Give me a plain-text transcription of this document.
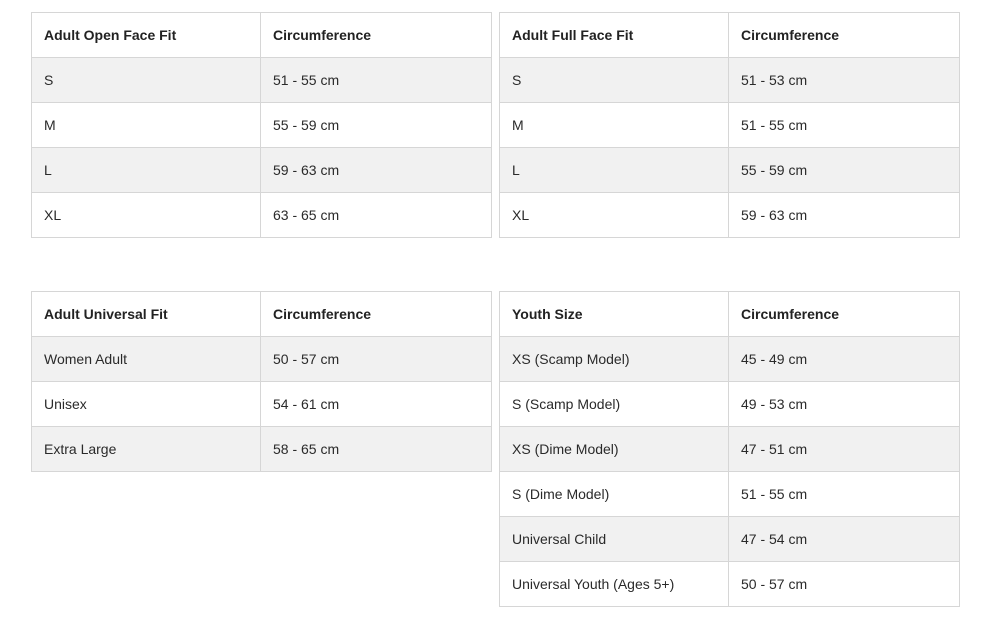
Adult Open Face Fit	Circumference
S	51 - 55 cm
M	55 - 59 cm
L	59 - 63 cm
XL	63 - 65 cm
Adult Full Face Fit	Circumference
S	51 - 53 cm
M	51 - 55 cm
L	55 - 59 cm
XL	59 - 63 cm
Adult Universal Fit	Circumference
Women Adult	50 - 57 cm
Unisex	54 - 61 cm
Extra Large	58 - 65 cm
Youth Size	Circumference
XS (Scamp Model)	45 - 49 cm
S (Scamp Model)	49 - 53 cm
XS (Dime Model)	47 - 51 cm
S (Dime Model)	51 - 55 cm
Universal Child	47 - 54 cm
Universal Youth (Ages 5+)	50 - 57 cm
